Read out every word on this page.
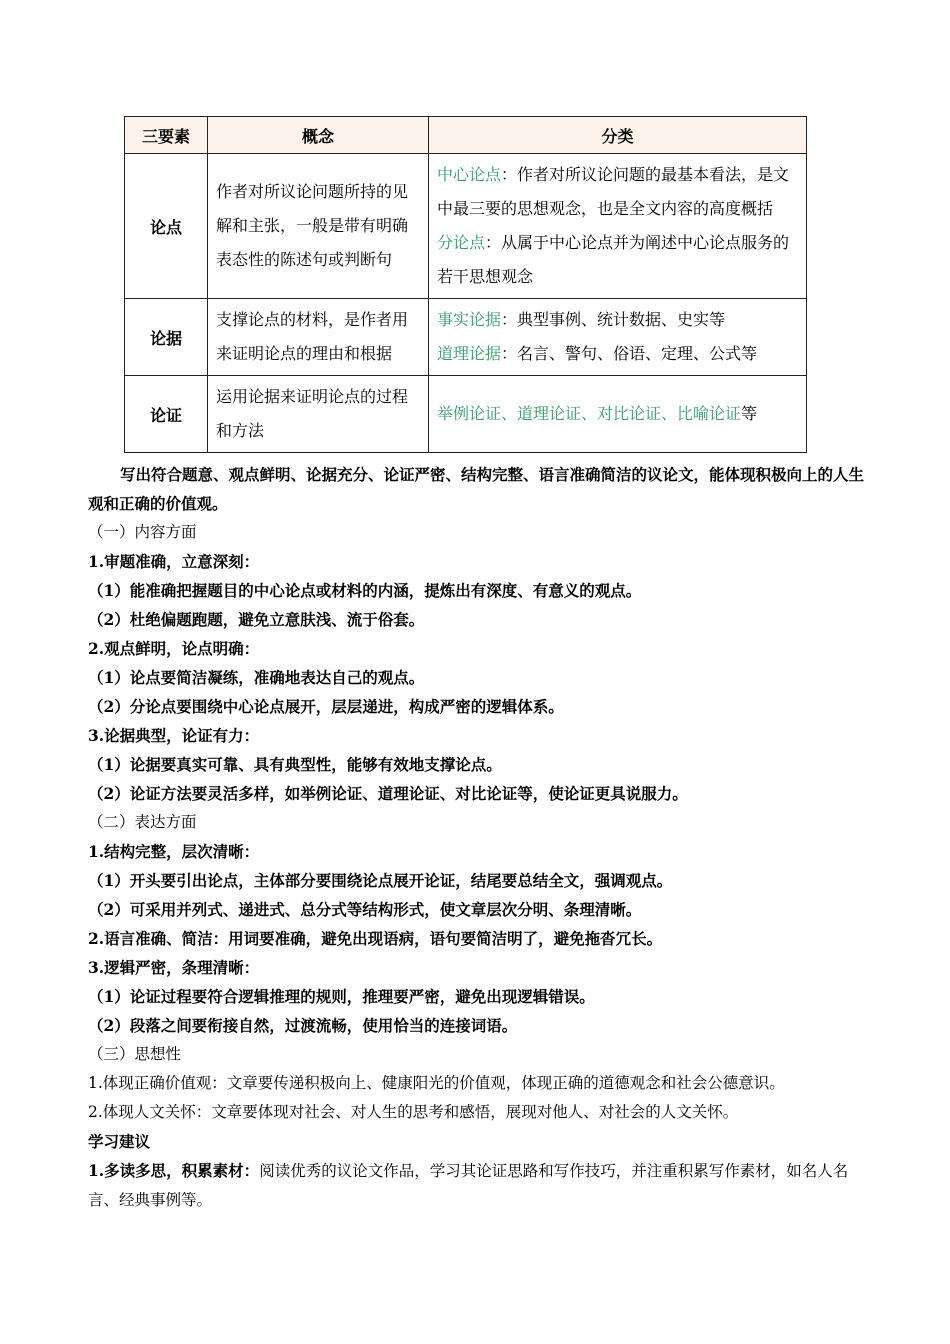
三要素	概念	分类
论点	作者对所议论问题所持的见解和主张，一般是带有明确表态性的陈述句或判断句	中心论点：作者对所议论问题的最基本看法，是文中最三要的思想观念，也是全文内容的高度概括
分论点：从属于中心论点并为阐述中心论点服务的若干思想观念
论据	支撑论点的材料，是作者用来证明论点的理由和根据	事实论据：典型事例、统计数据、史实等
道理论据：名言、警句、俗语、定理、公式等
论证	运用论据来证明论点的过程和方法	举例论证、道理论证、对比论证、比喻论证等

写出符合题意、观点鲜明、论据充分、论证严密、结构完整、语言准确简洁的议论文，能体现积极向上的人生观和正确的价值观。

（一）内容方面

1.审题准确，立意深刻：

（1）能准确把握题目的中心论点或材料的内涵，提炼出有深度、有意义的观点。

（2）杜绝偏题跑题，避免立意肤浅、流于俗套。

2.观点鲜明，论点明确：

（1）论点要简洁凝练，准确地表达自己的观点。

（2）分论点要围绕中心论点展开，层层递进，构成严密的逻辑体系。

3.论据典型，论证有力：

（1）论据要真实可靠、具有典型性，能够有效地支撑论点。

（2）论证方法要灵活多样，如举例论证、道理论证、对比论证等，使论证更具说服力。

（二）表达方面

1.结构完整，层次清晰：

（1）开头要引出论点，主体部分要围绕论点展开论证，结尾要总结全文，强调观点。

（2）可采用并列式、递进式、总分式等结构形式，使文章层次分明、条理清晰。

2.语言准确、简洁：用词要准确，避免出现语病，语句要简洁明了，避免拖沓冗长。

3.逻辑严密，条理清晰：

（1）论证过程要符合逻辑推理的规则，推理要严密，避免出现逻辑错误。

（2）段落之间要衔接自然，过渡流畅，使用恰当的连接词语。

（三）思想性

1.体现正确价值观：文章要传递积极向上、健康阳光的价值观，体现正确的道德观念和社会公德意识。

2.体现人文关怀：文章要体现对社会、对人生的思考和感悟，展现对他人、对社会的人文关怀。

学习建议

1.多读多思，积累素材：阅读优秀的议论文作品，学习其论证思路和写作技巧，并注重积累写作素材，如名人名言、经典事例等。
